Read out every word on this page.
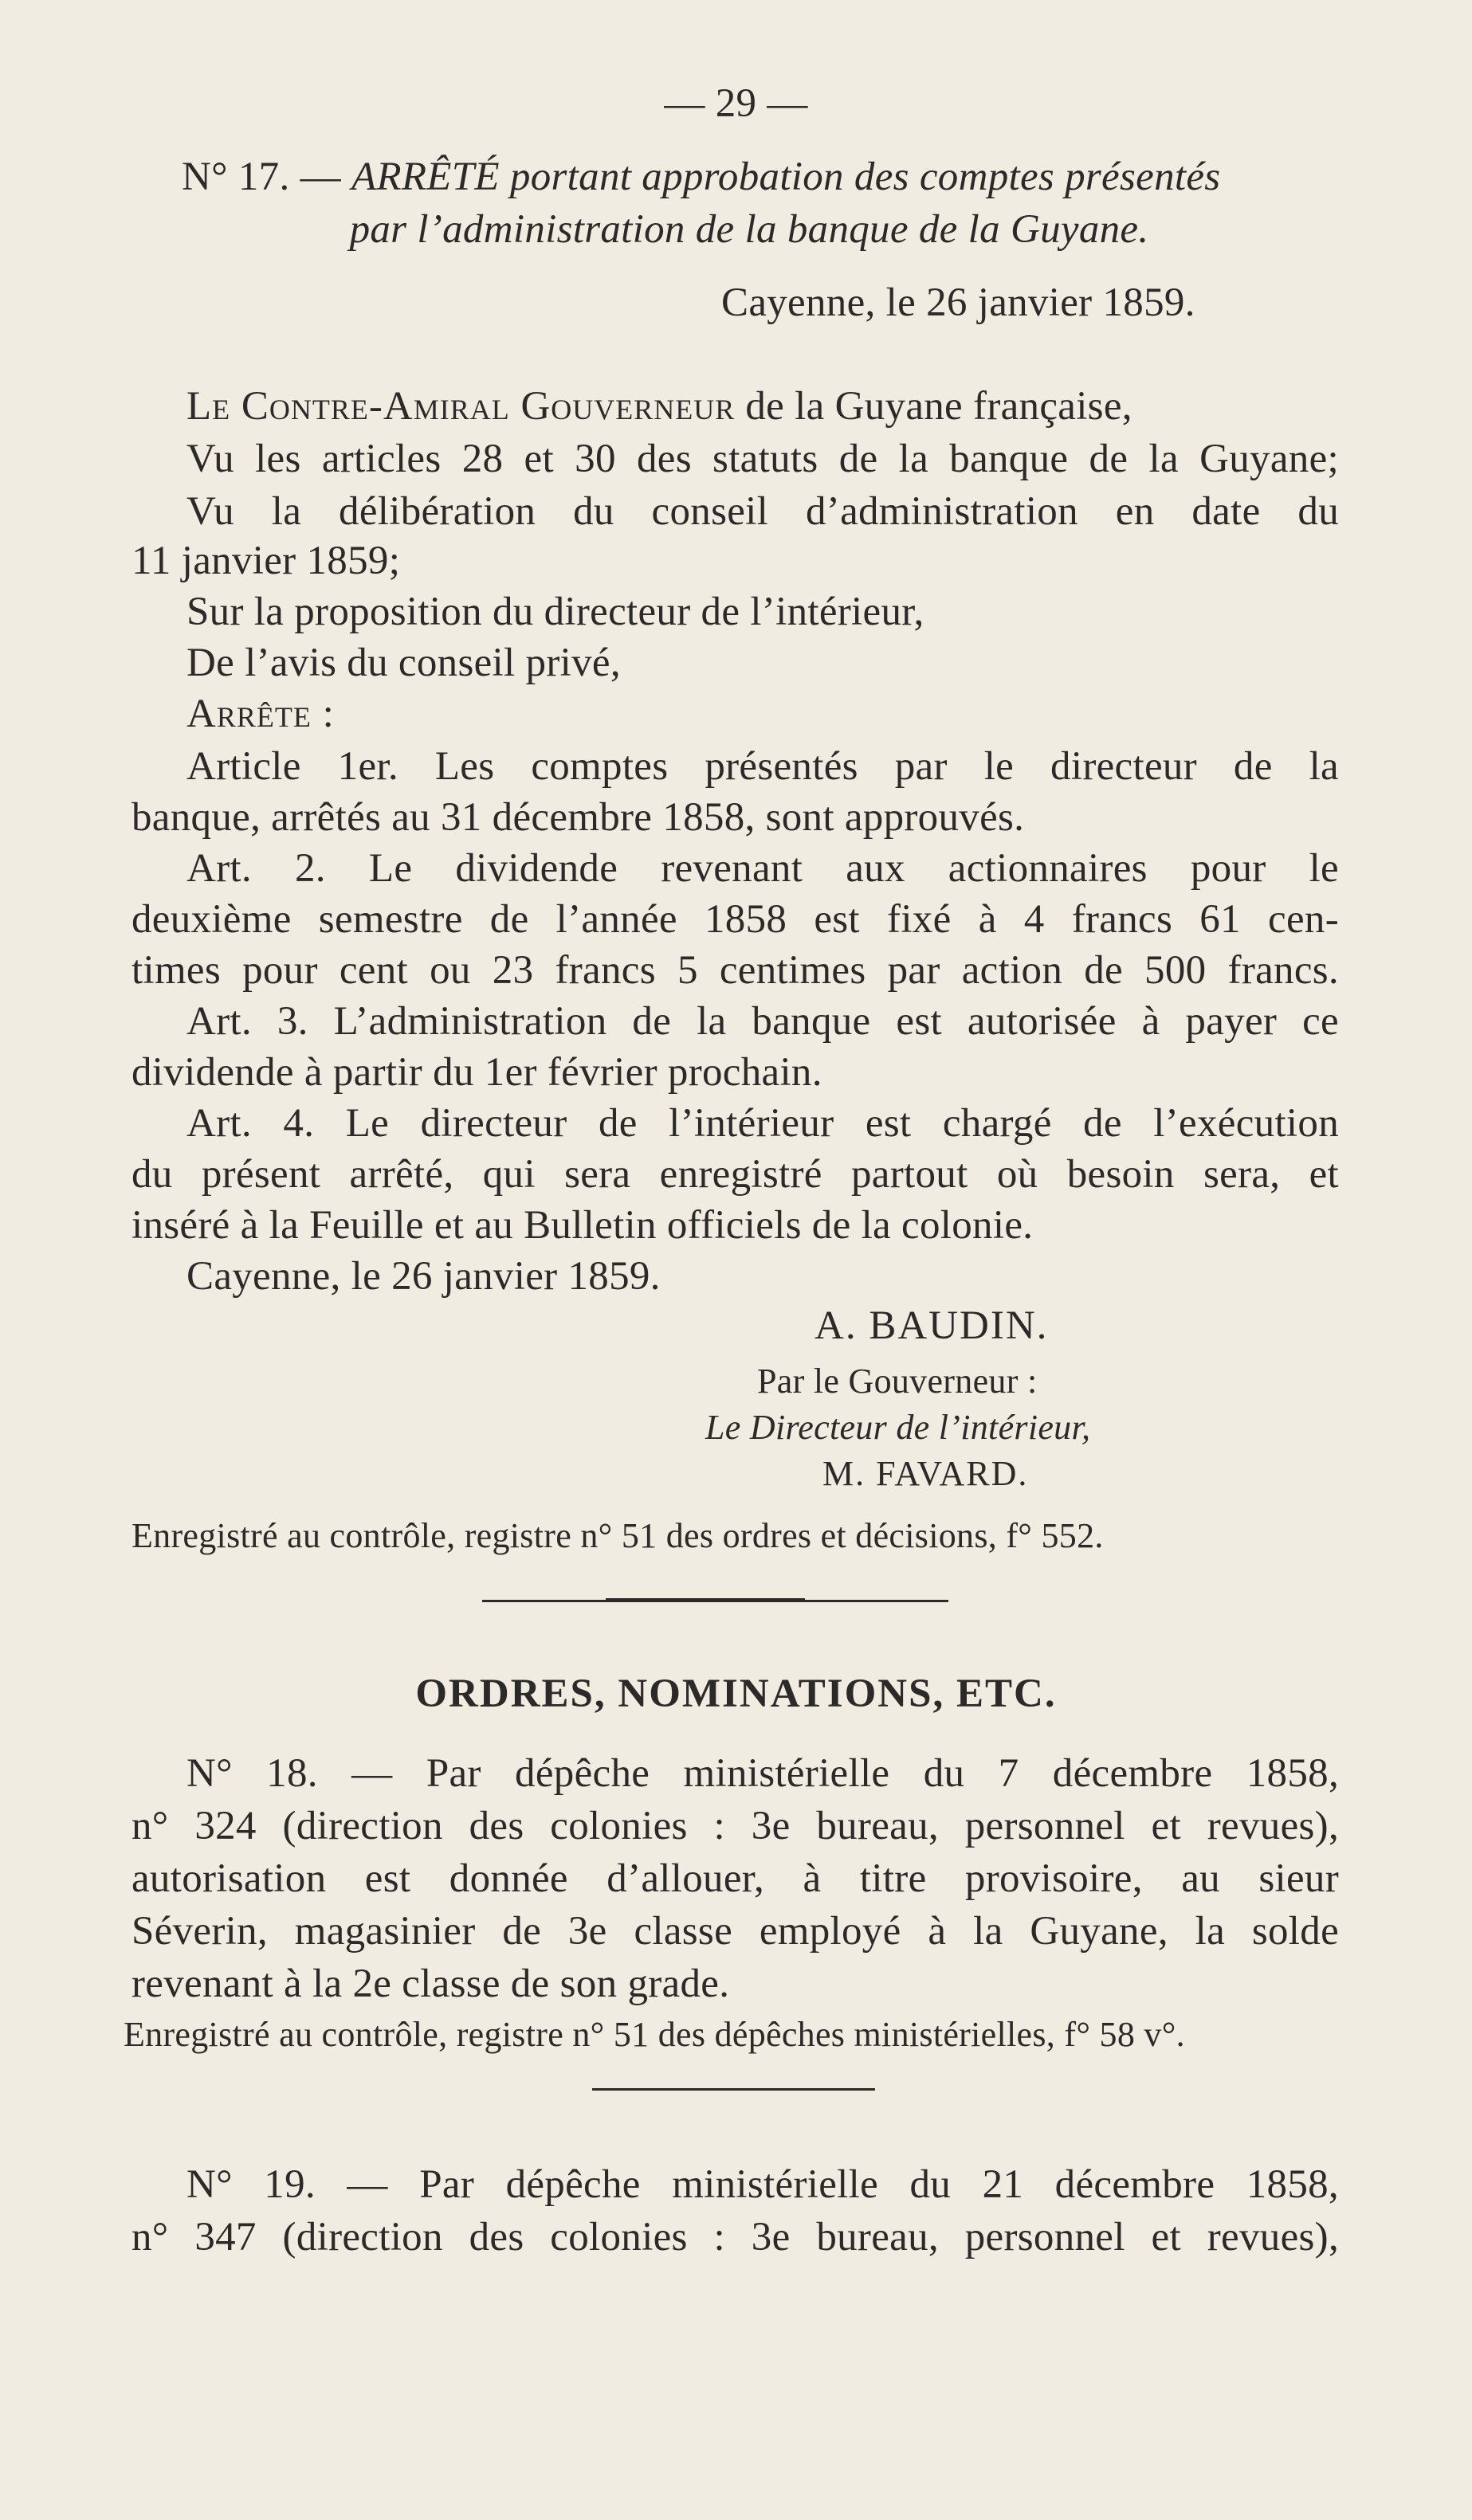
— 29 —

N° 17. — ARRÊTÉ portant approbation des comptes présentés

par l’administration de la banque de la Guyane.

Cayenne, le 26 janvier 1859.

Le Contre-Amiral Gouverneur de la Guyane française,

Vu les articles 28 et 30 des statuts de la banque de la Guyane;

Vu la délibération du conseil d’administration en date du

11 janvier 1859;

Sur la proposition du directeur de l’intérieur,

De l’avis du conseil privé,

Arrête :

Article 1er. Les comptes présentés par le directeur de la

banque, arrêtés au 31 décembre 1858, sont approuvés.

Art. 2. Le dividende revenant aux actionnaires pour le

deuxième semestre de l’année 1858 est fixé à 4 francs 61 cen-

times pour cent ou 23 francs 5 centimes par action de 500 francs.

Art. 3. L’administration de la banque est autorisée à payer ce

dividende à partir du 1er février prochain.

Art. 4. Le directeur de l’intérieur est chargé de l’exécution

du présent arrêté, qui sera enregistré partout où besoin sera, et

inséré à la Feuille et au Bulletin officiels de la colonie.

Cayenne, le 26 janvier 1859.

A. BAUDIN.

Par le Gouverneur :

Le Directeur de l’intérieur,

M. FAVARD.

Enregistré au contrôle, registre n° 51 des ordres et décisions, f° 552.

ORDRES, NOMINATIONS, ETC.

N° 18. — Par dépêche ministérielle du 7 décembre 1858,

n° 324 (direction des colonies : 3e bureau, personnel et revues),

autorisation est donnée d’allouer, à titre provisoire, au sieur

Séverin, magasinier de 3e classe employé à la Guyane, la solde

revenant à la 2e classe de son grade.

Enregistré au contrôle, registre n° 51 des dépêches ministérielles, f° 58 v°.

N° 19. — Par dépêche ministérielle du 21 décembre 1858,

n° 347 (direction des colonies : 3e bureau, personnel et revues),
